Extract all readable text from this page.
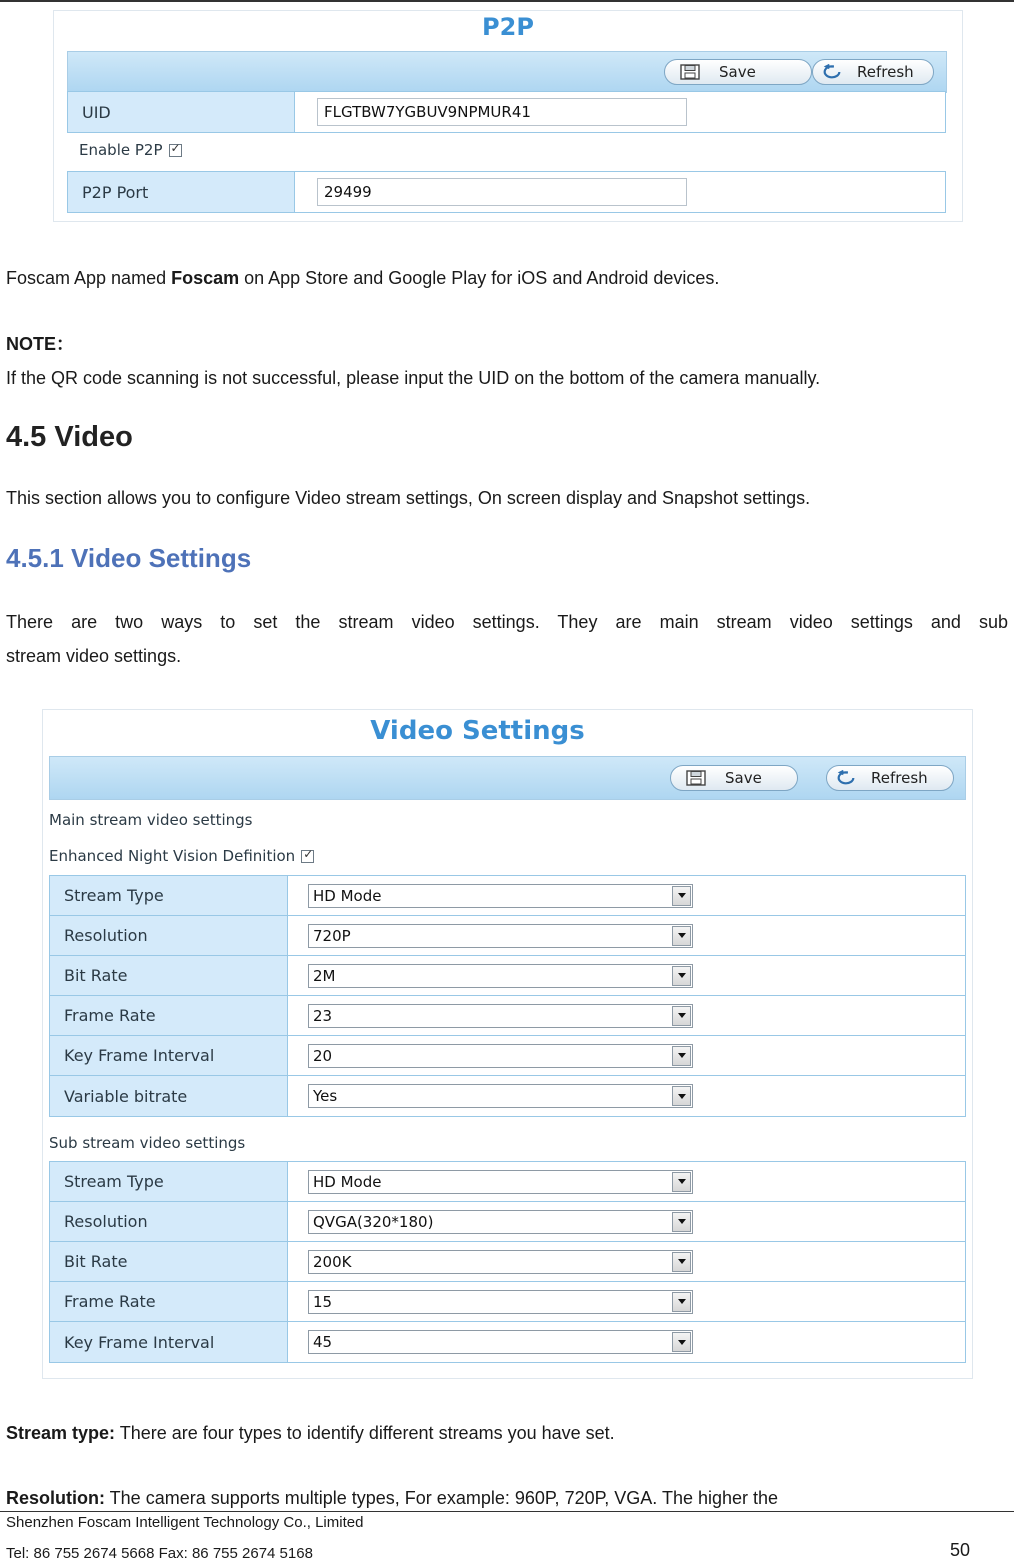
P2P
Save	Refresh
UID	FLGTBW7YGBUV9NPMUR41
Enable P2P
✓
P2P Port	29499
Foscam App named Foscam on App Store and Google Play for iOS and Android devices.
NOTE：
If the QR code scanning is not successful, please input the UID on the bottom of the camera manually.
4.5 Video
This section allows you to configure Video stream settings, On screen display and Snapshot settings.
4.5.1 Video Settings
There are two ways to set the stream video settings. They are main stream video settings and sub
stream video settings.
Video Settings
Save	Refresh
Main stream video settings
Enhanced Night Vision Definition
✓
Stream Type	HD Mode
Resolution	720P
Bit Rate	2M
Frame Rate	23
Key Frame Interval	20
Variable bitrate	Yes
Sub stream video settings
Stream Type	HD Mode
Resolution	QVGA(320*180)
Bit Rate	200K
Frame Rate	15
Key Frame Interval	45
Stream type: There are four types to identify different streams you have set.
Resolution: The camera supports multiple types, For example: 960P, 720P, VGA. The higher the
Shenzhen Foscam Intelligent Technology Co., Limited
Tel: 86 755 2674 5668 Fax: 86 755 2674 5168	50
